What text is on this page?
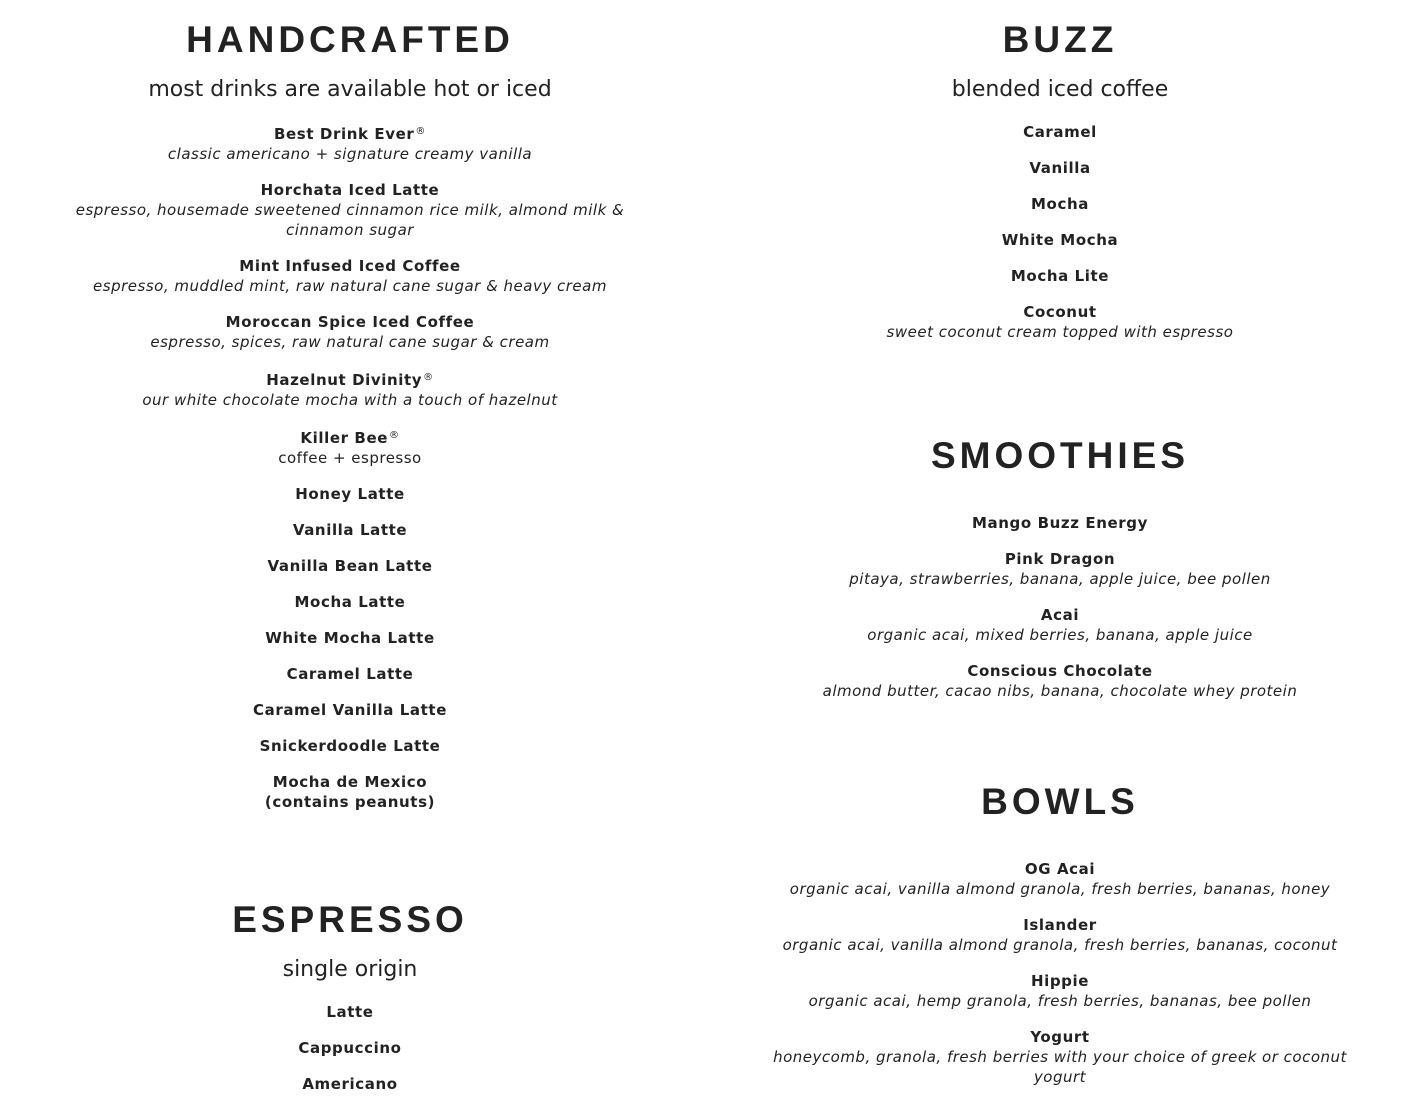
HANDCRAFTED
most drinks are available hot or iced
Best Drink Ever®
classic americano + signature creamy vanilla
Horchata Iced Latte
espresso, housemade sweetened cinnamon rice milk, almond milk & cinnamon sugar
Mint Infused Iced Coffee
espresso, muddled mint, raw natural cane sugar & heavy cream
Moroccan Spice Iced Coffee
espresso, spices, raw natural cane sugar & cream
Hazelnut Divinity®
our white chocolate mocha with a touch of hazelnut
Killer Bee®
coffee + espresso
Honey Latte
Vanilla Latte
Vanilla Bean Latte
Mocha Latte
White Mocha Latte
Caramel Latte
Caramel Vanilla Latte
Snickerdoodle Latte
Mocha de Mexico
(contains peanuts)
ESPRESSO
single origin
Latte
Cappuccino
Americano
BUZZ
blended iced coffee
Caramel
Vanilla
Mocha
White Mocha
Mocha Lite
Coconut
sweet coconut cream topped with espresso
SMOOTHIES
Mango Buzz Energy
Pink Dragon
pitaya, strawberries, banana, apple juice, bee pollen
Acai
organic acai, mixed berries, banana, apple juice
Conscious Chocolate
almond butter, cacao nibs, banana, chocolate whey protein
BOWLS
OG Acai
organic acai, vanilla almond granola, fresh berries, bananas, honey
Islander
organic acai, vanilla almond granola, fresh berries, bananas, coconut
Hippie
organic acai, hemp granola, fresh berries, bananas, bee pollen
Yogurt
honeycomb, granola, fresh berries with your choice of greek or coconut yogurt
